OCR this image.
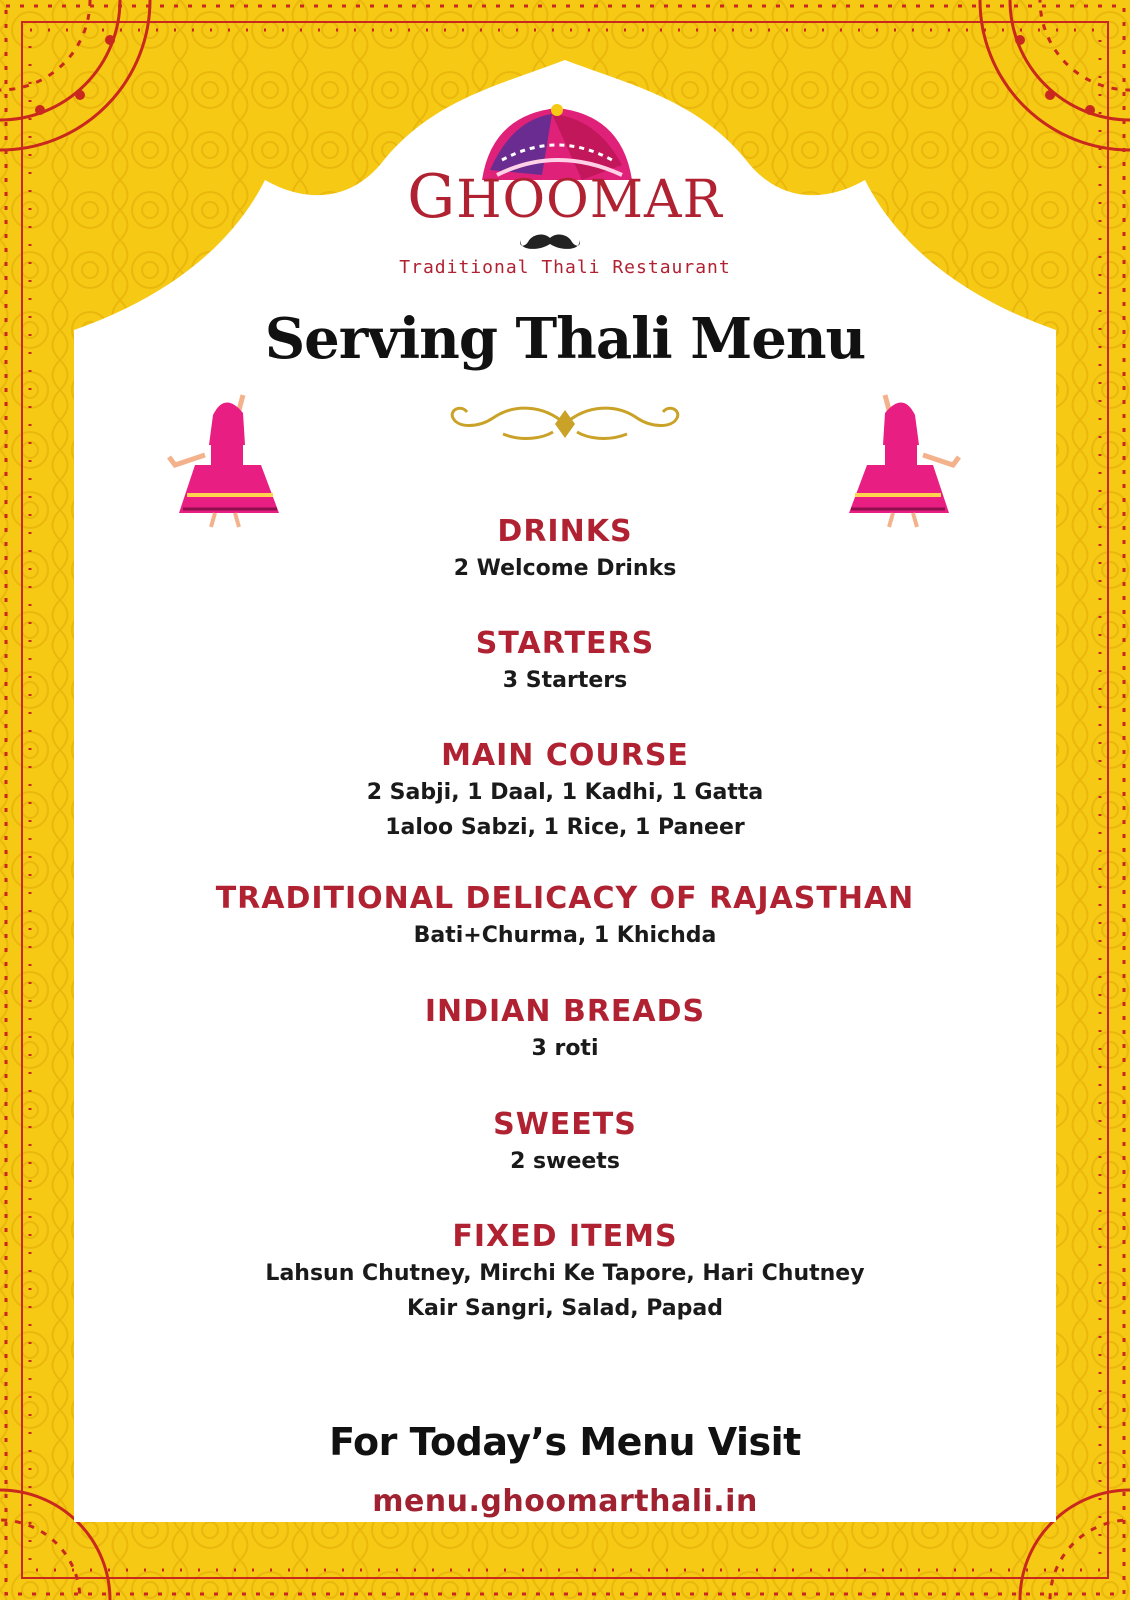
GHOOMAR
Traditional Thali Restaurant
Serving Thali Menu
DRINKS
2 Welcome Drinks
STARTERS
3 Starters
MAIN COURSE
2 Sabji, 1 Daal, 1 Kadhi, 1 Gatta
1aloo Sabzi, 1 Rice, 1 Paneer
TRADITIONAL DELICACY OF RAJASTHAN
Bati+Churma, 1 Khichda
INDIAN BREADS
3 roti
SWEETS
2 sweets
FIXED ITEMS
Lahsun Chutney, Mirchi Ke Tapore, Hari Chutney
Kair Sangri, Salad, Papad
For Today’s Menu Visit
menu.ghoomarthali.in
